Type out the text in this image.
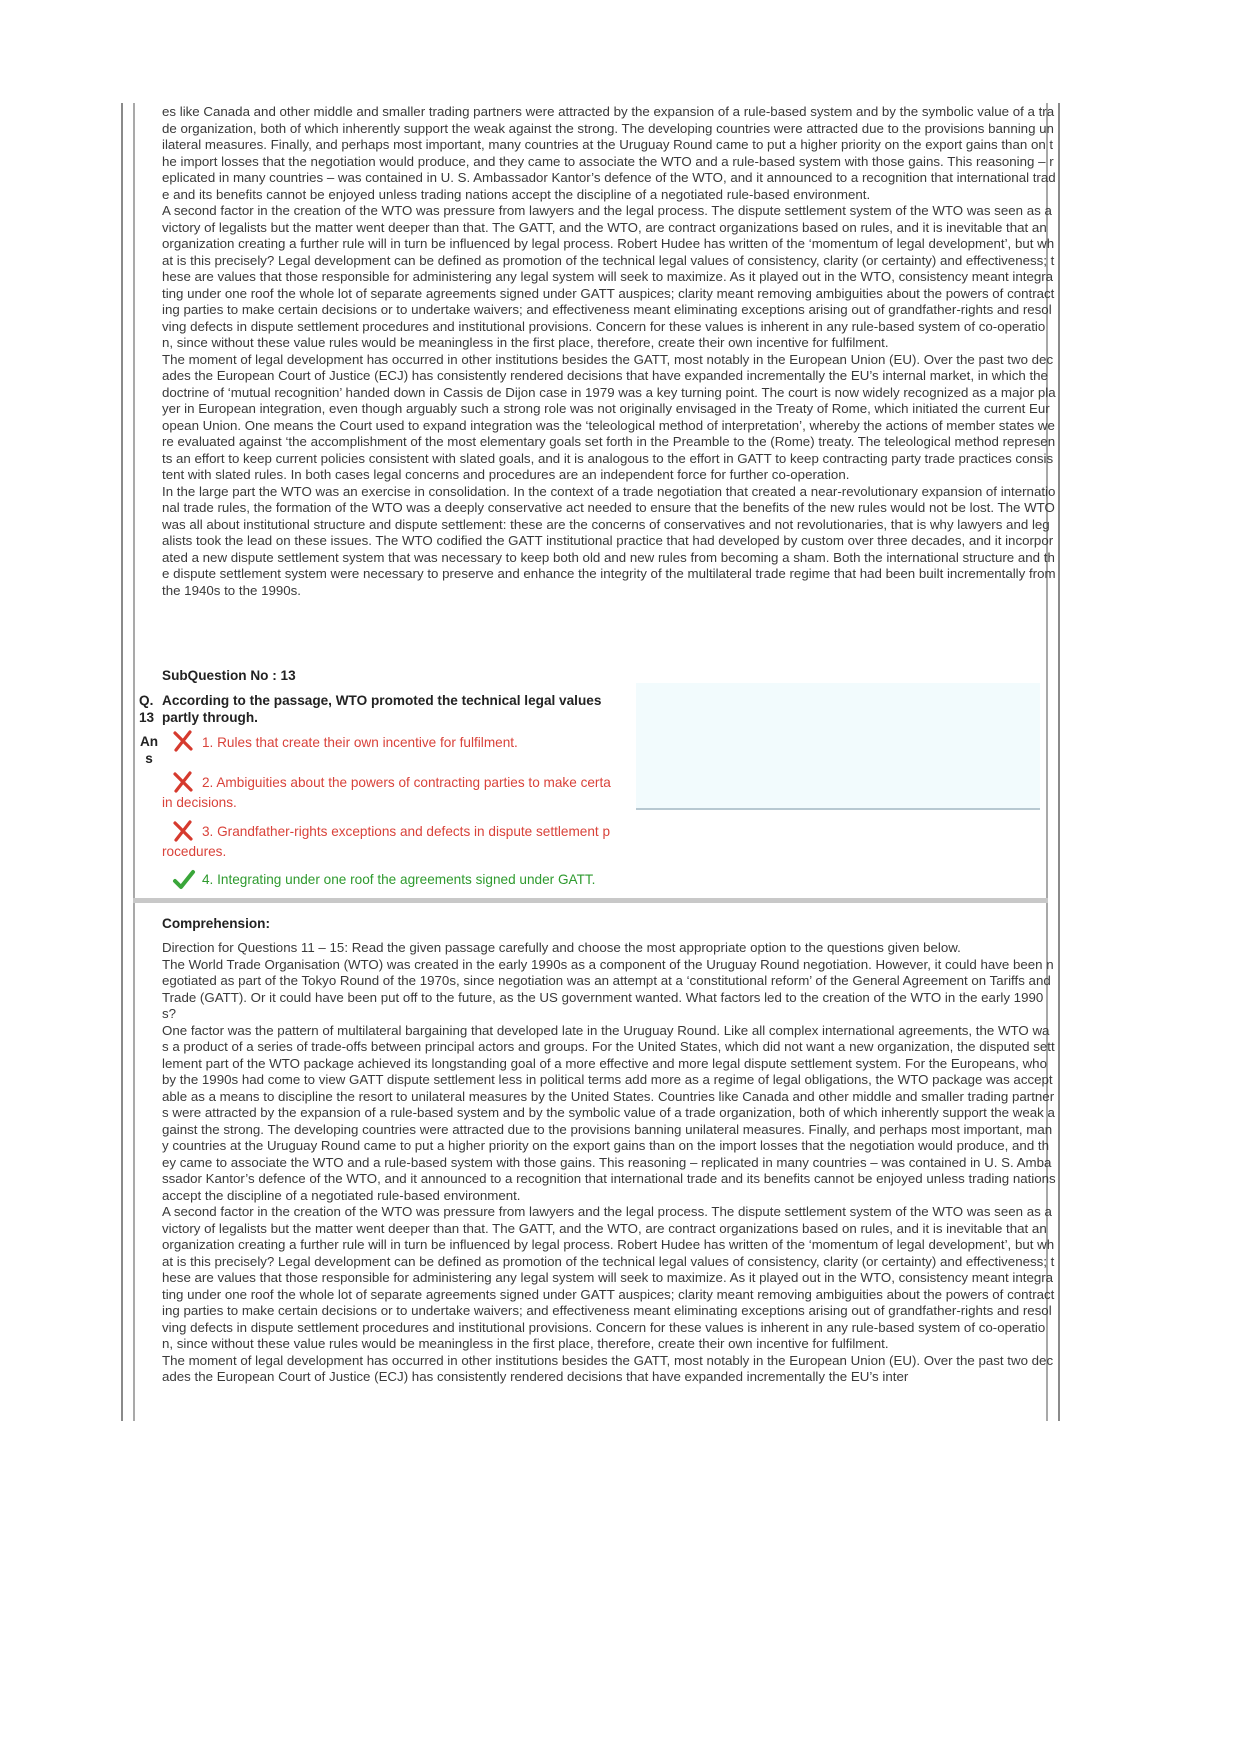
es like Canada and other middle and smaller trading partners were attracted by the expansion of a rule-based system and by the symbolic value of a trade organization, both of which inherently support the weak against the strong. The developing countries were attracted due to the provisions banning unilateral measures. Finally, and perhaps most important, many countries at the Uruguay Round came to put a higher priority on the export gains than on the import losses that the negotiation would produce, and they came to associate the WTO and a rule-based system with those gains. This reasoning – replicated in many countries – was contained in U. S. Ambassador Kantor’s defence of the WTO, and it announced to a recognition that international trade and its benefits cannot be enjoyed unless trading nations accept the discipline of a negotiated rule-based environment.

A second factor in the creation of the WTO was pressure from lawyers and the legal process. The dispute settlement system of the WTO was seen as a victory of legalists but the matter went deeper than that. The GATT, and the WTO, are contract organizations based on rules, and it is inevitable that an organization creating a further rule will in turn be influenced by legal process. Robert Hudee has written of the ‘momentum of legal development’, but what is this precisely? Legal development can be defined as promotion of the technical legal values of consistency, clarity (or certainty) and effectiveness; these are values that those responsible for administering any legal system will seek to maximize. As it played out in the WTO, consistency meant integrating under one roof the whole lot of separate agreements signed under GATT auspices; clarity meant removing ambiguities about the powers of contracting parties to make certain decisions or to undertake waivers; and effectiveness meant eliminating exceptions arising out of grandfather-rights and resolving defects in dispute settlement procedures and institutional provisions. Concern for these values is inherent in any rule-based system of co-operation, since without these value rules would be meaningless in the first place, therefore, create their own incentive for fulfilment.

The moment of legal development has occurred in other institutions besides the GATT, most notably in the European Union (EU). Over the past two decades the European Court of Justice (ECJ) has consistently rendered decisions that have expanded incrementally the EU’s internal market, in which the doctrine of ‘mutual recognition’ handed down in Cassis de Dijon case in 1979 was a key turning point. The court is now widely recognized as a major player in European integration, even though arguably such a strong role was not originally envisaged in the Treaty of Rome, which initiated the current European Union. One means the Court used to expand integration was the ‘teleological method of interpretation’, whereby the actions of member states were evaluated against ‘the accomplishment of the most elementary goals set forth in the Preamble to the (Rome) treaty. The teleological method represents an effort to keep current policies consistent with slated goals, and it is analogous to the effort in GATT to keep contracting party trade practices consistent with slated rules. In both cases legal concerns and procedures are an independent force for further co-operation.

In the large part the WTO was an exercise in consolidation. In the context of a trade negotiation that created a near-revolutionary expansion of international trade rules, the formation of the WTO was a deeply conservative act needed to ensure that the benefits of the new rules would not be lost. The WTO was all about institutional structure and dispute settlement: these are the concerns of conservatives and not revolutionaries, that is why lawyers and legalists took the lead on these issues. The WTO codified the GATT institutional practice that had developed by custom over three decades, and it incorporated a new dispute settlement system that was necessary to keep both old and new rules from becoming a sham. Both the international structure and the dispute settlement system were necessary to preserve and enhance the integrity of the multilateral trade regime that had been built incrementally from the 1940s to the 1990s.

SubQuestion No : 13
Q.
13
According to the passage, WTO promoted the technical legal values
partly through.
An
s
1. Rules that create their own incentive for fulfilment.
2. Ambiguities about the powers of contracting parties to make certa
in decisions.
3. Grandfather-rights exceptions and defects in dispute settlement p
rocedures.
4. Integrating under one roof the agreements signed under GATT.
Comprehension:

Direction for Questions 11 – 15: Read the given passage carefully and choose the most appropriate option to the questions given below.

The World Trade Organisation (WTO) was created in the early 1990s as a component of the Uruguay Round negotiation. However, it could have been negotiated as part of the Tokyo Round of the 1970s, since negotiation was an attempt at a ‘constitutional reform’ of the General Agreement on Tariffs and Trade (GATT). Or it could have been put off to the future, as the US government wanted. What factors led to the creation of the WTO in the early 1990s?

One factor was the pattern of multilateral bargaining that developed late in the Uruguay Round. Like all complex international agreements, the WTO was a product of a series of trade-offs between principal actors and groups. For the United States, which did not want a new organization, the disputed settlement part of the WTO package achieved its longstanding goal of a more effective and more legal dispute settlement system. For the Europeans, who by the 1990s had come to view GATT dispute settlement less in political terms add more as a regime of legal obligations, the WTO package was acceptable as a means to discipline the resort to unilateral measures by the United States. Countries like Canada and other middle and smaller trading partners were attracted by the expansion of a rule-based system and by the symbolic value of a trade organization, both of which inherently support the weak against the strong. The developing countries were attracted due to the provisions banning unilateral measures. Finally, and perhaps most important, many countries at the Uruguay Round came to put a higher priority on the export gains than on the import losses that the negotiation would produce, and they came to associate the WTO and a rule-based system with those gains. This reasoning – replicated in many countries – was contained in U. S. Ambassador Kantor’s defence of the WTO, and it announced to a recognition that international trade and its benefits cannot be enjoyed unless trading nations accept the discipline of a negotiated rule-based environment.

A second factor in the creation of the WTO was pressure from lawyers and the legal process. The dispute settlement system of the WTO was seen as a victory of legalists but the matter went deeper than that. The GATT, and the WTO, are contract organizations based on rules, and it is inevitable that an organization creating a further rule will in turn be influenced by legal process. Robert Hudee has written of the ‘momentum of legal development’, but what is this precisely? Legal development can be defined as promotion of the technical legal values of consistency, clarity (or certainty) and effectiveness; these are values that those responsible for administering any legal system will seek to maximize. As it played out in the WTO, consistency meant integrating under one roof the whole lot of separate agreements signed under GATT auspices; clarity meant removing ambiguities about the powers of contracting parties to make certain decisions or to undertake waivers; and effectiveness meant eliminating exceptions arising out of grandfather-rights and resolving defects in dispute settlement procedures and institutional provisions. Concern for these values is inherent in any rule-based system of co-operation, since without these value rules would be meaningless in the first place, therefore, create their own incentive for fulfilment.

The moment of legal development has occurred in other institutions besides the GATT, most notably in the European Union (EU). Over the past two decades the European Court of Justice (ECJ) has consistently rendered decisions that have expanded incrementally the EU’s inter
